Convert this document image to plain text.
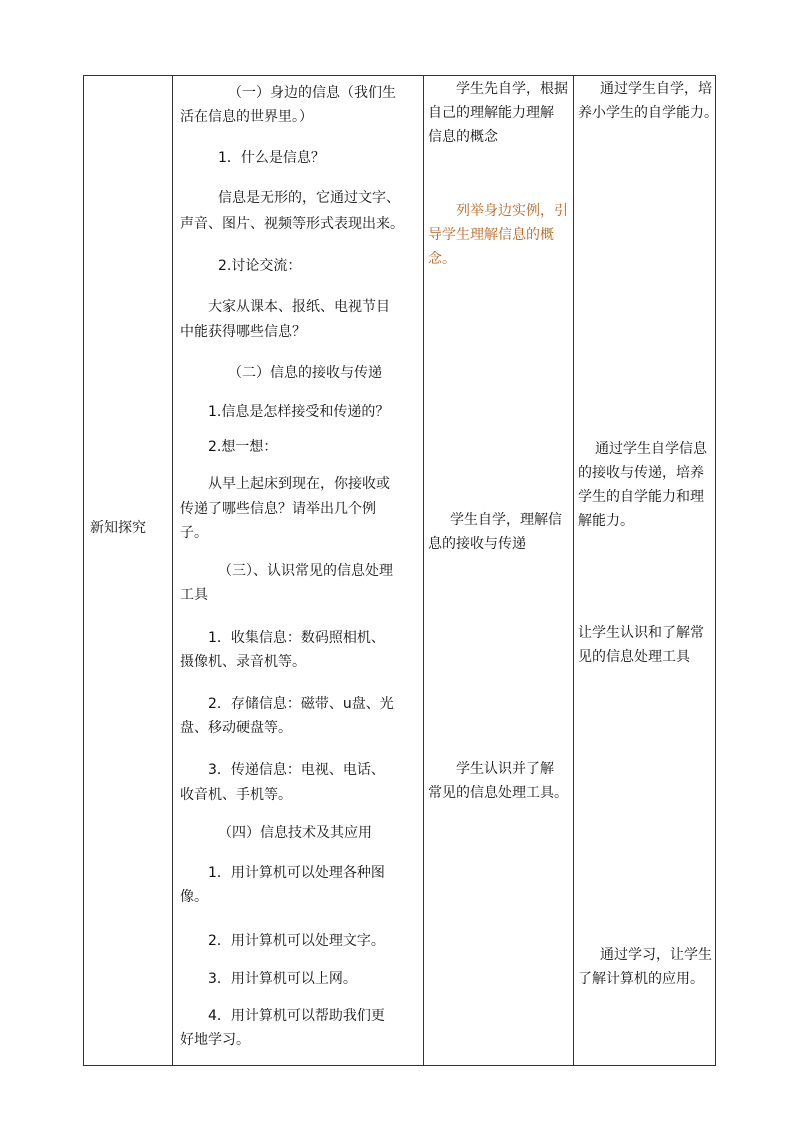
新知探究
（一）身边的信息（我们生
活在信息的世界里。）
1．什么是信息？
信息是无形的，它通过文字、
声音、图片、视频等形式表现出来。
2.讨论交流：
大家从课本、报纸、电视节目
中能获得哪些信息？
（二）信息的接收与传递
1.信息是怎样接受和传递的？
2.想一想：
从早上起床到现在，你接收或
传递了哪些信息？请举出几个例
子。
（三）、认识常见的信息处理
工具
1．收集信息：数码照相机、
摄像机、录音机等。
2．存储信息：磁带、u盘、光
盘、移动硬盘等。
3．传递信息：电视、电话、
收音机、手机等。
（四）信息技术及其应用
1．用计算机可以处理各种图
像。
2．用计算机可以处理文字。
3．用计算机可以上网。
4．用计算机可以帮助我们更
好地学习。
学生先自学，根据
自己的理解能力理解
信息的概念
列举身边实例，引
导学生理解信息的概
念。
学生自学，理解信
息的接收与传递
学生认识并了解
常见的信息处理工具。
通过学生自学，培
养小学生的自学能力。
通过学生自学信息
的接收与传递，培养
学生的自学能力和理
解能力。
让学生认识和了解常
见的信息处理工具
通过学习，让学生
了解计算机的应用。
